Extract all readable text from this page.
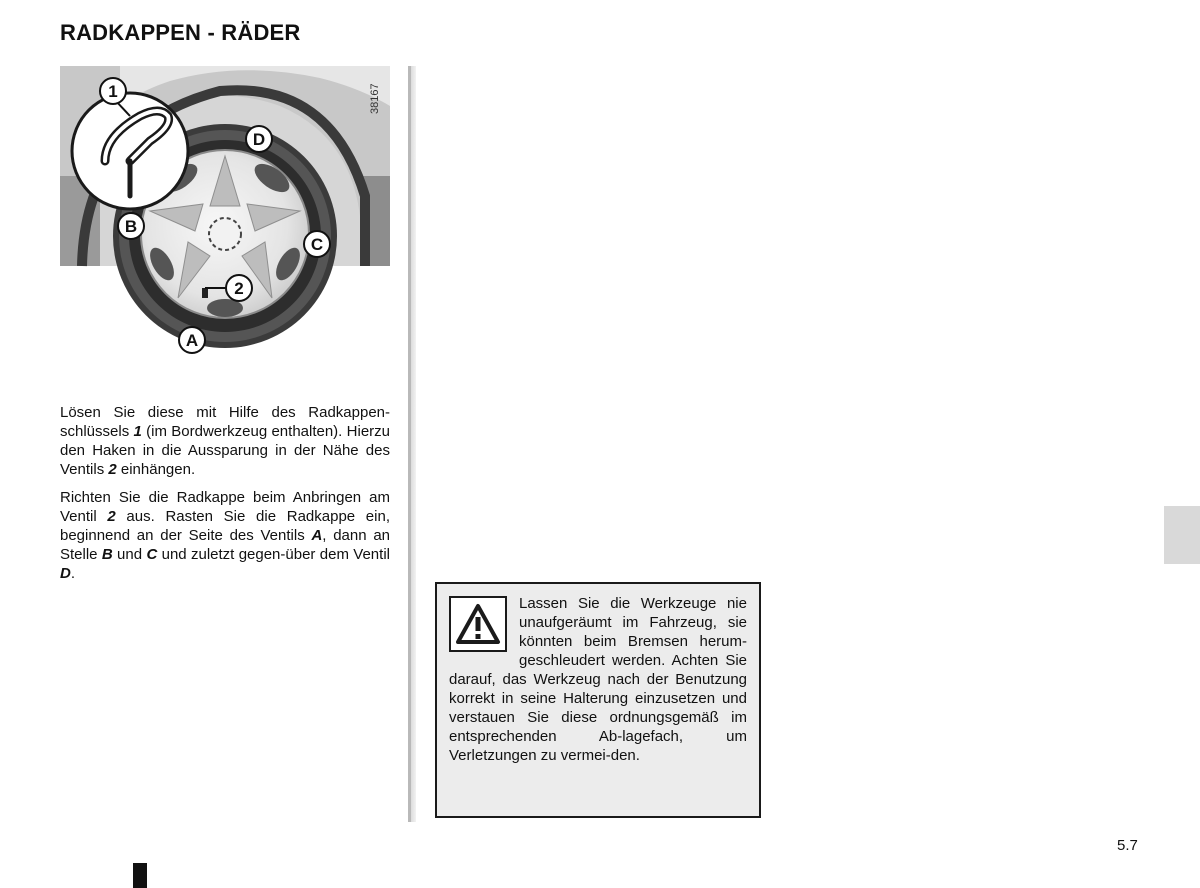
RADKAPPEN - RÄDER
1
D
B
C
2
A
38167

Lösen Sie diese mit Hilfe des Radkappen-schlüssels 1 (im Bordwerkzeug enthalten). Hierzu den Haken in die Aussparung in der Nähe des Ventils 2 einhängen.

Richten Sie die Radkappe beim Anbringen am Ventil 2 aus. Rasten Sie die Radkappe ein, beginnend an der Seite des Ventils A, dann an Stelle B und C und zuletzt gegen-über dem Ventil D.

Lassen Sie die Werkzeuge nie unaufgeräumt im Fahrzeug, sie könnten beim Bremsen herum-geschleudert werden. Achten Sie darauf, das Werkzeug nach der Benutzung korrekt in seine Halterung einzusetzen und verstauen Sie diese ordnungsgemäß im entsprechenden Ab-lagefach, um Verletzungen zu vermei-den.

5.7
